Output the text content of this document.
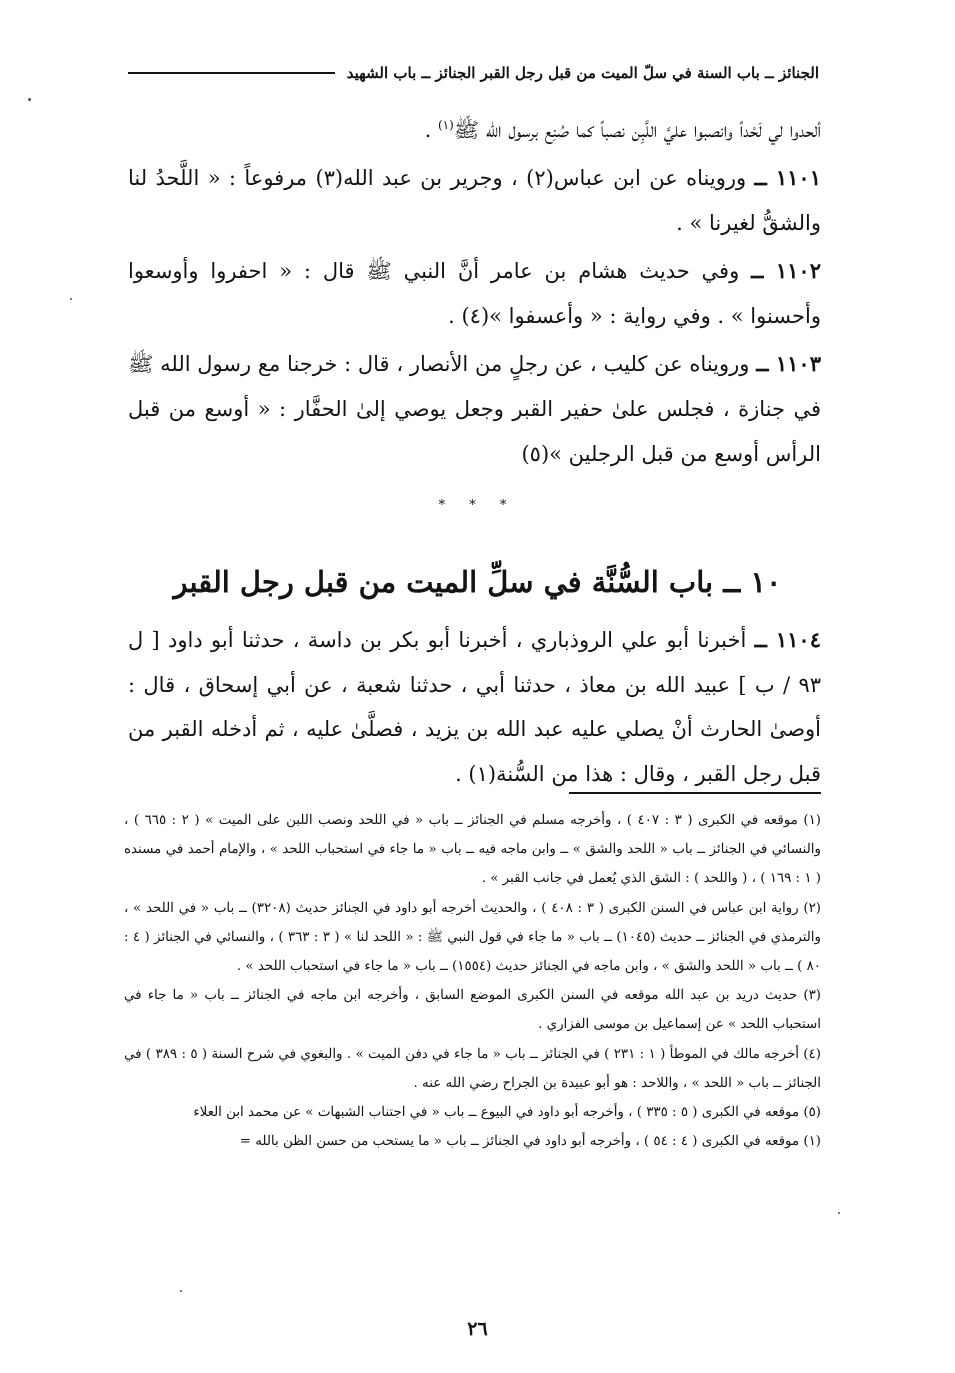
الجنائز ــ باب السنة في سلّ الميت من قبل رجل القبر الجنائز ــ باب الشهيد

ألحدوا لي لَحْداً وانصبوا عليَّ اللَّبِن نصباً كما صُنِع برسول الله ﷺ$^{(١)}$ .

١١٠١ ــ ورويناه عن ابن عباس(٢) ، وجرير بن عبد الله(٣) مرفوعاً : « اللَّحدُ لنا والشقُّ لغيرنا » .

١١٠٢ ــ وفي حديث هشام بن عامر أنَّ النبي ﷺ قال : « احفروا وأوسعوا وأحسنوا » . وفي رواية : « وأعسفوا »(٤) .

١١٠٣ ــ ورويناه عن كليب ، عن رجلٍ من الأنصار ، قال : خرجنا مع رسول الله ﷺ في جنازة ، فجلس علىٰ حفير القبر وجعل يوصي إلىٰ الحفَّار : « أوسع من قبل الرأس أوسع من قبل الرجلين »(٥)

* * *
١٠ ــ باب السُّنَّة في سلِّ الميت من قبل رجل القبر

١١٠٤ ــ أخبرنا أبو علي الروذباري ، أخبرنا أبو بكر بن داسة ، حدثنا أبو داود [ ل ٩٣ / ب ] عبيد الله بن معاذ ، حدثنا أبي ، حدثنا شعبة ، عن أبي إسحاق ، قال : أوصىٰ الحارث أنْ يصلي عليه عبد الله بن يزيد ، فصلَّىٰ عليه ، ثم أدخله القبر من قبل رجل القبر ، وقال : هذا من السُّنة(١) .

(١) موقعه في الكبرى ( ٣ : ٤٠٧ ) ، وأخرجه مسلم في الجنائز ــ باب « في اللحد ونصب اللبن على الميت » ( ٢ : ٦٦٥ ) ، والنسائي في الجنائز ــ باب « اللحد والشق » ــ وابن ماجه فيه ــ باب « ما جاء في استحباب اللحد » ، والإمام أحمد في مسنده ( ١ : ١٦٩ ) ، ( واللحد ) : الشق الذي يُعمل في جانب القبر » .

(٢) رواية ابن عباس في السنن الكبرى ( ٣ : ٤٠٨ ) ، والحديث أخرجه أبو داود في الجنائز حديث (٣٢٠٨) ــ باب « في اللحد » ، والترمذي في الجنائز ــ حديث (١٠٤٥) ــ باب « ما جاء في قول النبي ﷺ : « اللحد لنا » ( ٣ : ٣٦٣ ) ، والنسائي في الجنائز ( ٤ : ٨٠ ) ــ باب « اللحد والشق » ، وابن ماجه في الجنائز حديث (١٥٥٤) ــ باب « ما جاء في استحباب اللحد » .

(٣) حديث دريد بن عبد الله موقعه في السنن الكبرى الموضع السابق ، وأخرجه ابن ماجه في الجنائز ــ باب « ما جاء في استحباب اللحد » عن إسماعيل بن موسى الفزاري .

(٤) أخرجه مالك في الموطأ ( ١ : ٢٣١ ) في الجنائز ــ باب « ما جاء في دفن الميت » . والبغوي في شرح السنة ( ٥ : ٣٨٩ ) في الجنائز ــ باب « اللحد » ، واللاحد : هو أبو عبيدة بن الجراح رضي الله عنه .

(٥) موقعه في الكبرى ( ٥ : ٣٣٥ ) ، وأخرجه أبو داود في البيوع ــ باب « في اجتناب الشبهات » عن محمد ابن العلاء

(١) موقعه في الكبرى ( ٤ : ٥٤ ) ، وأخرجه أبو داود في الجنائز ــ باب « ما يستحب من حسن الظن بالله =

٢٦
